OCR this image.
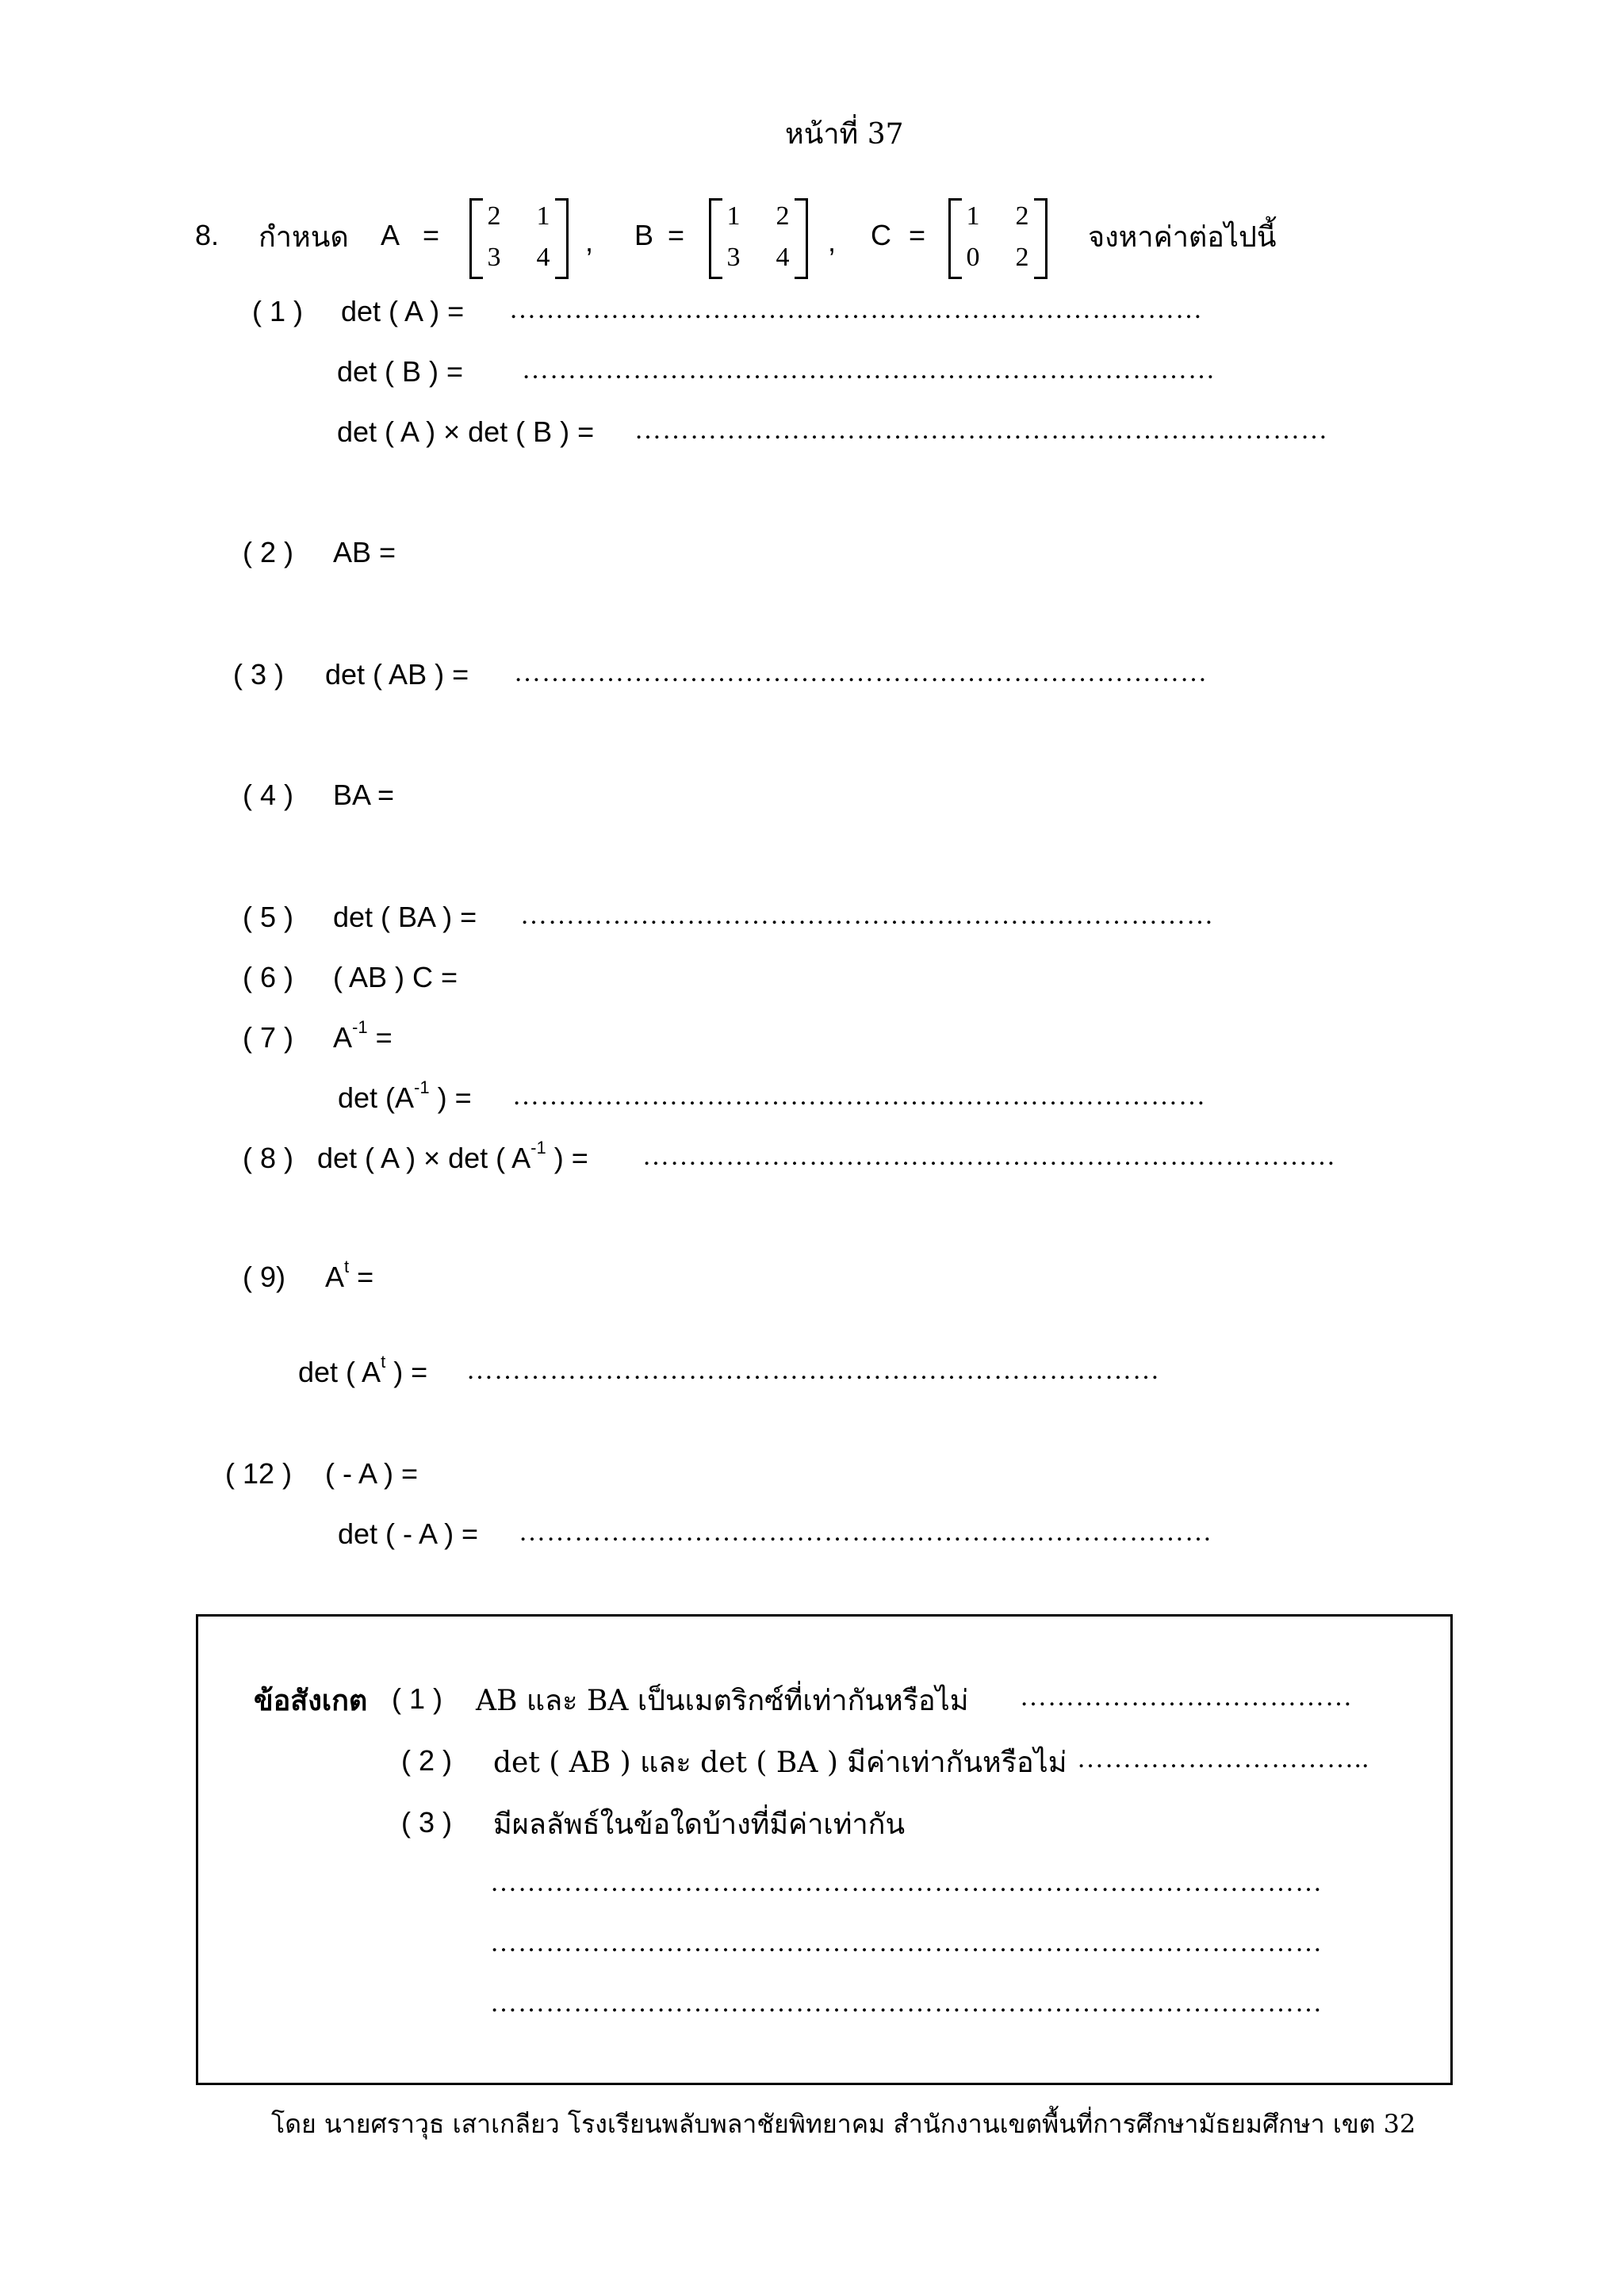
หน้าที่ 37
8. กำหนด A =
2 1
3 4 , B =
1 2
3 4 , C =
1 2
0 2
จงหาค่าต่อไปนี้
( 1 ) det ( A ) = …………………………………………………………………
det ( B ) = …………………………………………………………………
det ( A ) × det ( B ) = …………………………………………………………………
( 2 ) AB =
( 3 ) det ( AB ) = …………………………………………………………………
( 4 ) BA =
( 5 ) det ( BA ) = …………………………………………………………………
( 6 ) ( AB ) C =
( 7 ) $A^{-1}$ =
$\det (A^{-1}$ ) = …………………………………………………………………
( 8 ) det ( A ) × det ( $A^{-1}$ ) = …………………………………………………………………
( 9) $A^t$ =
det ( $A^t$ ) = …………………………………………………………………
( 12 ) ( - A ) =
det ( - A ) = …………………………………………………………………
ข้อสังเกต ( 1 ) AB และ BA เป็นเมตริกซ์ที่เท่ากันหรือไม่ ………………………………
( 2 ) det ( AB ) และ det ( BA ) มีค่าเท่ากันหรือไม่ …………………………..
( 3 ) มีผลลัพธ์ในข้อใดบ้างที่มีค่าเท่ากัน
………………………………………………………………………………
………………………………………………………………………………
………………………………………………………………………………
โดย นายศราวุธ เสาเกลียว โรงเรียนพลับพลาชัยพิทยาคม สำนักงานเขตพื้นที่การศึกษามัธยมศึกษา เขต 32
